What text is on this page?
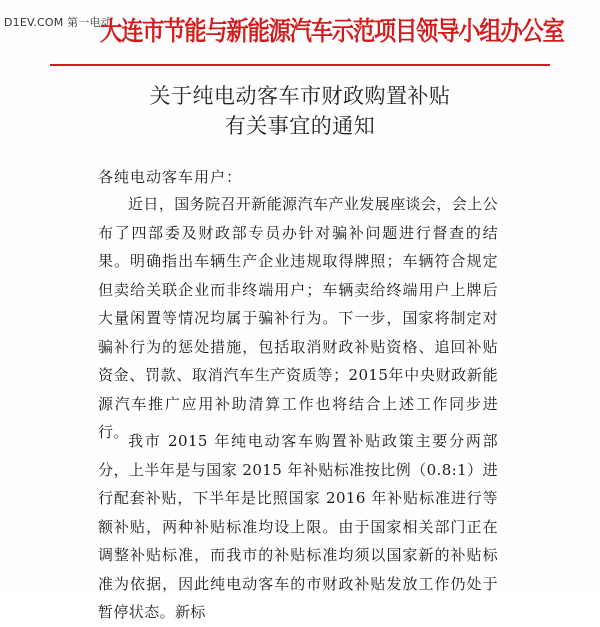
D1EV.COM 第一电动
大连市节能与新能源汽车示范项目领导小组办公室
关于纯电动客车市财政购置补贴
有关事宜的通知
各纯电动客车用户：

近日，国务院召开新能源汽车产业发展座谈会，会上公布了四部委及财政部专员办针对骗补问题进行督查的结果。明确指出车辆生产企业违规取得牌照；车辆符合规定但卖给关联企业而非终端用户；车辆卖给终端用户上牌后大量闲置等情况均属于骗补行为。下一步，国家将制定对骗补行为的惩处措施，包括取消财政补贴资格、追回补贴资金、罚款、取消汽车生产资质等；2015年中央财政新能源汽车推广应用补助清算工作也将结合上述工作同步进行。 我市 2015 年纯电动客车购置补贴政策主要分两部分，上半年是与国家 2015 年补贴标准按比例（0.8:1）进行配套补贴，下半年是比照国家 2016 年补贴标准进行等额补贴，两种补贴标准均设上限。由于国家相关部门正在调整补贴标准，而我市的补贴标准均须以国家新的补贴标准为依据，因此纯电动客车的市财政补贴发放工作仍处于暂停状态。新标
